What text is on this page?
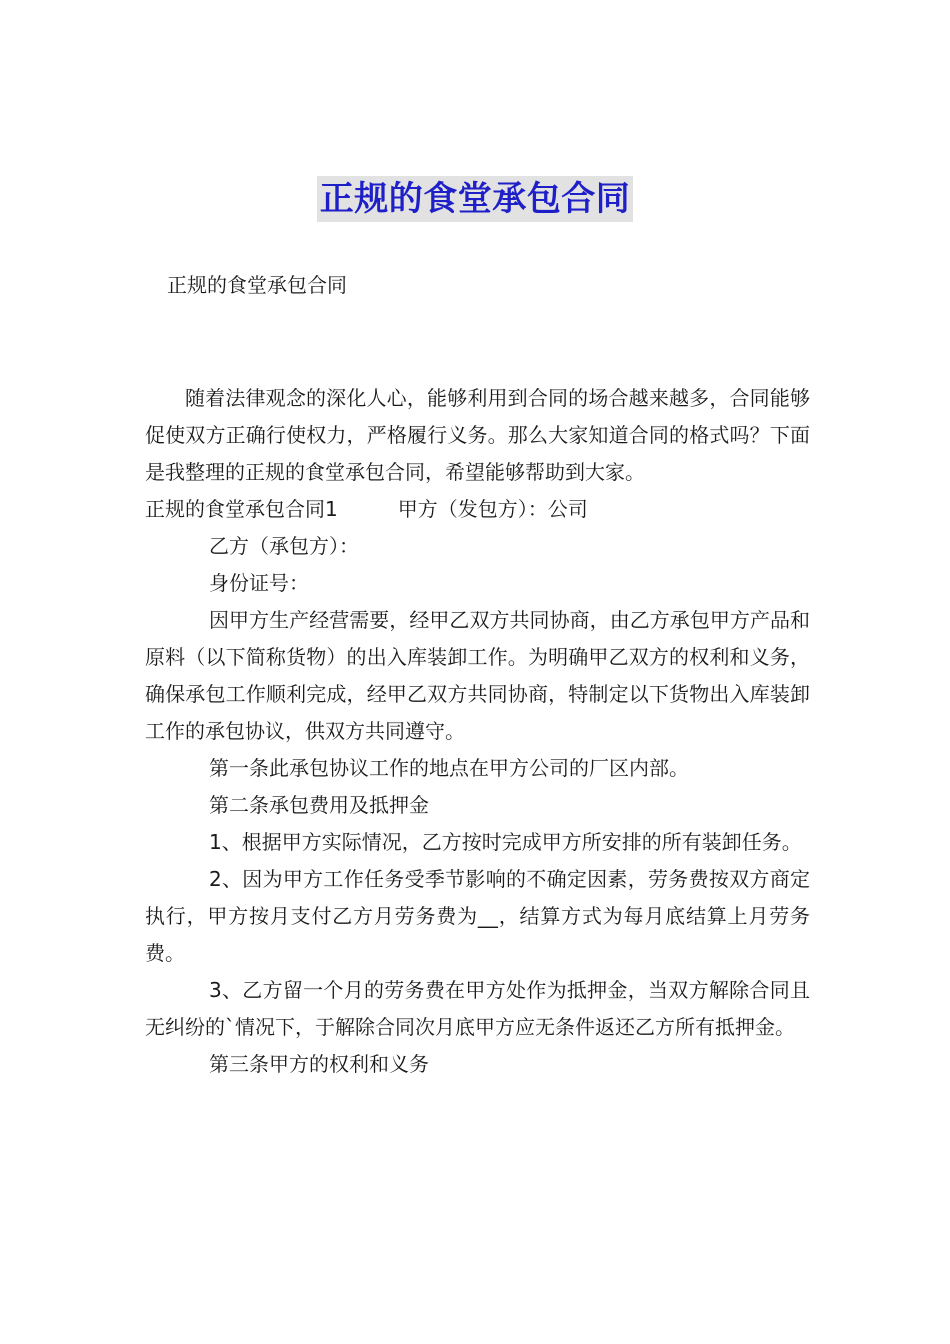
正规的食堂承包合同
正规的食堂承包合同

随着法律观念的深化人心，能够利用到合同的场合越来越多，合同能够促使双方正确行使权力，严格履行义务。那么大家知道合同的格式吗？下面是我整理的正规的食堂承包合同，希望能够帮助到大家。

正规的食堂承包合同1	甲方（发包方）：公司

乙方（承包方）：

身份证号：

因甲方生产经营需要，经甲乙双方共同协商，由乙方承包甲方产品和原料（以下简称货物）的出入库装卸工作。为明确甲乙双方的权利和义务，确保承包工作顺利完成，经甲乙双方共同协商，特制定以下货物出入库装卸工作的承包协议，供双方共同遵守。

第一条此承包协议工作的地点在甲方公司的厂区内部。

第二条承包费用及抵押金

1、根据甲方实际情况，乙方按时完成甲方所安排的所有装卸任务。

2、因为甲方工作任务受季节影响的不确定因素，劳务费按双方商定执行，甲方按月支付乙方月劳务费为__，结算方式为每月底结算上月劳务费。

3、乙方留一个月的劳务费在甲方处作为抵押金，当双方解除合同且无纠纷的`情况下，于解除合同次月底甲方应无条件返还乙方所有抵押金。

第三条甲方的权利和义务
